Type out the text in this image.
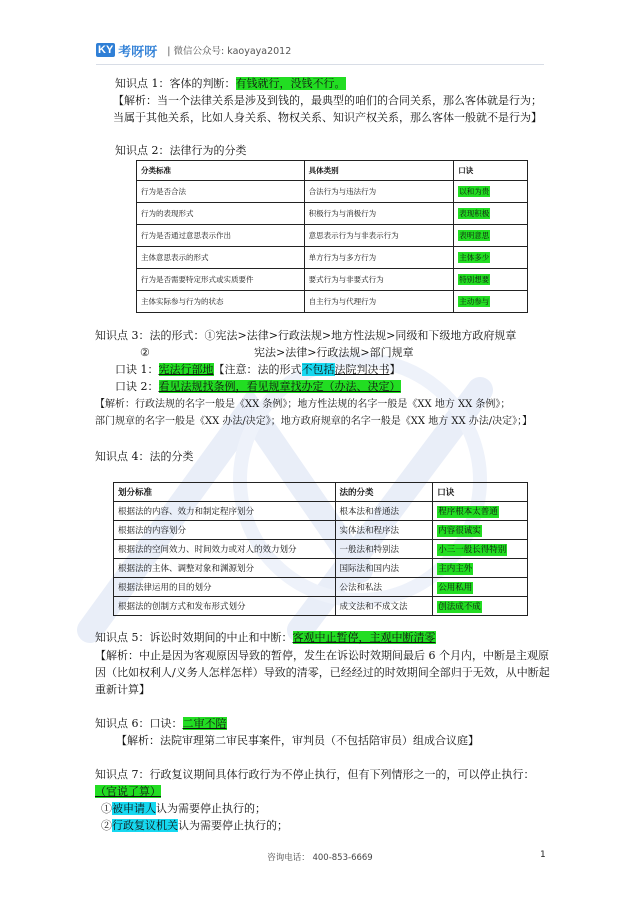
KY 考呀呀 | 微信公众号: kaoyaya2012
知识点 1：客体的判断：有钱就行，没钱不行。
【解析：当一个法律关系是涉及到钱的，最典型的咱们的合同关系，那么客体就是行为；
当属于其他关系，比如人身关系、物权关系、知识产权关系，那么客体一般就不是行为】
知识点 2：法律行为的分类
分类标准	具体类别	口诀
行为是否合法	合法行为与违法行为	以和为贵
行为的表现形式	积极行为与消极行为	表现积极
行为是否通过意思表示作出	意思表示行为与非表示行为	表明意思
主体意思表示的形式	单方行为与多方行为	主体多少
行为是否需要特定形式或实质要件	要式行为与非要式行为	特别想要
主体实际参与行为的状态	自主行为与代理行为	主动参与
知识点 3：法的形式：①宪法>法律>行政法规>地方性法规>同级和下级地方政府规章
②	宪法>法律>行政法规>部门规章
口诀 1：宪法行部地【注意：法的形式不包括法院判决书】
口诀 2：看见法规找条例，看见规章找办定（办法、决定）
【解析：行政法规的名字一般是《XX 条例》；地方性法规的名字一般是《XX 地方 XX 条例》；
部门规章的名字一般是《XX 办法/决定》；地方政府规章的名字一般是《XX 地方 XX 办法/决定》；】
知识点 4：法的分类
划分标准	法的分类	口诀
根据法的内容、效力和制定程序划分	根本法和普通法	程序根本太普通
根据法的内容划分	实体法和程序法	内容很诚实
根据法的空间效力、时间效力或对人的效力划分	一般法和特别法	小三一般长得特别
根据法的主体、调整对象和渊源划分	国际法和国内法	主内主外
根据法律运用的目的划分	公法和私法	公用私用
根据法的创制方式和发布形式划分	成文法和不成文法	创法成不成
知识点 5：诉讼时效期间的中止和中断：客观中止暂停，主观中断清零
【解析：中止是因为客观原因导致的暂停，发生在诉讼时效期间最后 6 个月内，中断是主观原因（比如权利人/义务人怎样怎样）导致的清零，已经经过的时效期间全部归于无效，从中断起重新计算】
知识点 6：口诀：二审不陪
【解析：法院审理第二审民事案件，审判员（不包括陪审员）组成合议庭】
知识点 7：行政复议期间具体行政行为不停止执行，但有下列情形之一的，可以停止执行：
（官说了算）
①被申请人认为需要停止执行的；
②行政复议机关认为需要停止执行的；
咨询电话： 400-853-6669	1
